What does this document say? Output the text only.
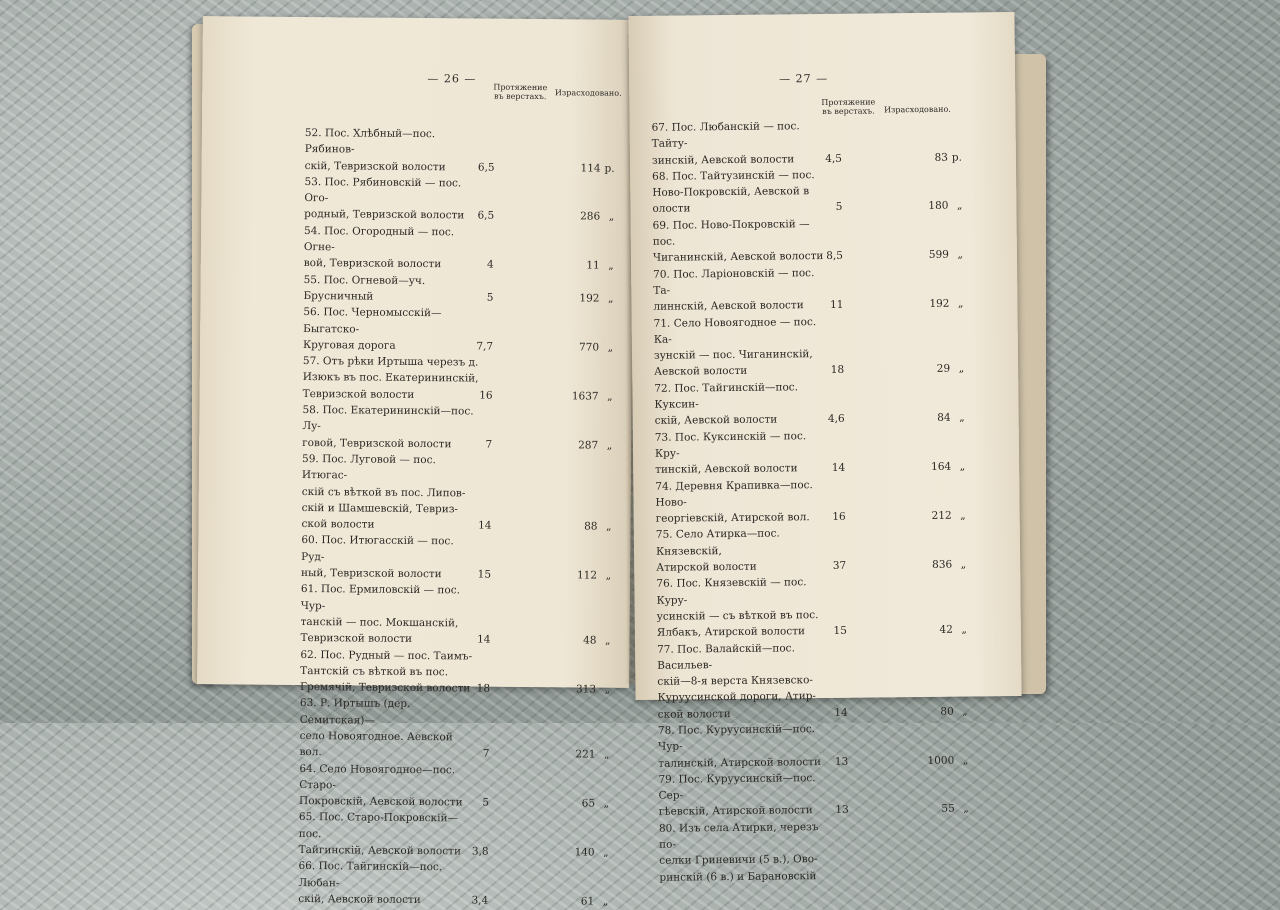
— 26 —
Протяжение въ верстахъ.	Израсходовано.
52. Пос. Хлѣбный—пос. Рябинов-
скій, Тевризской волости	6,5	114 р.
53. Пос. Рябиновскій — пос. Ого-
родный, Тевризской волости	6,5	286 „
54. Пос. Огородный — пос. Огне-
вой, Тевризской волости	4	11 „
55. Пос. Огневой—уч. Брусничный	5	192 „
56. Пос. Черномысскій—Быгатско-
Круговая дорога	7,7	770 „
57. Отъ рѣки Иртыша черезъ д.
Изюкъ въ пос. Екатерининскій,
Тевризской волости	16	1637 „
58. Пос. Екатерининскій—пос. Лу-
говой, Тевризской волости	7	287 „
59. Пос. Луговой — пос. Итюгас-
скій съ вѣткой въ пос. Липов-
скій и Шамшевскій, Тевриз-
ской волости	14	88 „
60. Пос. Итюгасскій — пос. Руд-
ный, Тевризской волости	15	112 „
61. Пос. Ермиловскій — пос. Чур-
танскій — пос. Мокшанскій,
Тевризской волости	14	48 „
62. Пос. Рудный — пос. Таимъ-
Тантскій съ вѣткой въ пос.
Гремячій, Тевризской волости 18	313 „
63. Р. Иртышъ (дер. Семитская)—
село Новоягодное. Аевской вол.	7	221 „
64. Село Новоягодное—пос. Старо-
Покровскій, Аевской волости	5	65 „
65. Пос. Старо-Покровскій—пос.
Тайгинскій, Аевской волости	3,8	140 „
66. Пос. Тайгинскій—пос. Любан-
скій, Аевской волости	3,4	61 „
— 27 —
Протяжение въ верстахъ.	Израсходовано.
67. Пос. Любанскій — пос. Тайту-
зинскій, Аевской волости	4,5	83 р.
68. Пос. Тайтузинскій — пос.
Ново-Покровскій, Аевской в
олости	5	180 „
69. Пос. Ново-Покровскій — пос.
Чиганинскій, Аевской волости 8,5	599 „
70. Пос. Ларіоновскій — пос. Та-
линнскій, Аевской волости	11	192 „
71. Село Новоягодное — пос. Ка-
зунскій — пос. Чиганинскій,
Аевской волости	18	29 „
72. Пос. Тайгинскій—пос. Куксин-
скій, Аевской волости	4,6	84 „
73. Пос. Куксинскій — пос. Кру-
тинскій, Аевской волости	14	164 „
74. Деревня Крапивка—пос. Ново-
георгіевскій, Атирской вол.	16	212 „
75. Село Атирка—пос. Князевскій,
Атирской волости	37	836 „
76. Пос. Князевскій — пос. Куру-
усинскій — съ вѣткой въ пос.
Ялбакъ, Атирской волости	15	42 „
77. Пос. Валайскій—пос. Васильев-
скій—8-я верста Князевско-
Куруусинской дороги, Атир-
ской волости	14	80 „
78. Пос. Куруусинскій—пос. Чур-
талинскій, Атирской волости	13	1000 „
79. Пос. Куруусинскій—пос. Сер-
гѣевскій, Атирской волости	13	55 „
80. Изъ села Атирки, черезъ по-
селки Гриневичи (5 в.), Ово-
ринскій (6 в.) и Барановскій
